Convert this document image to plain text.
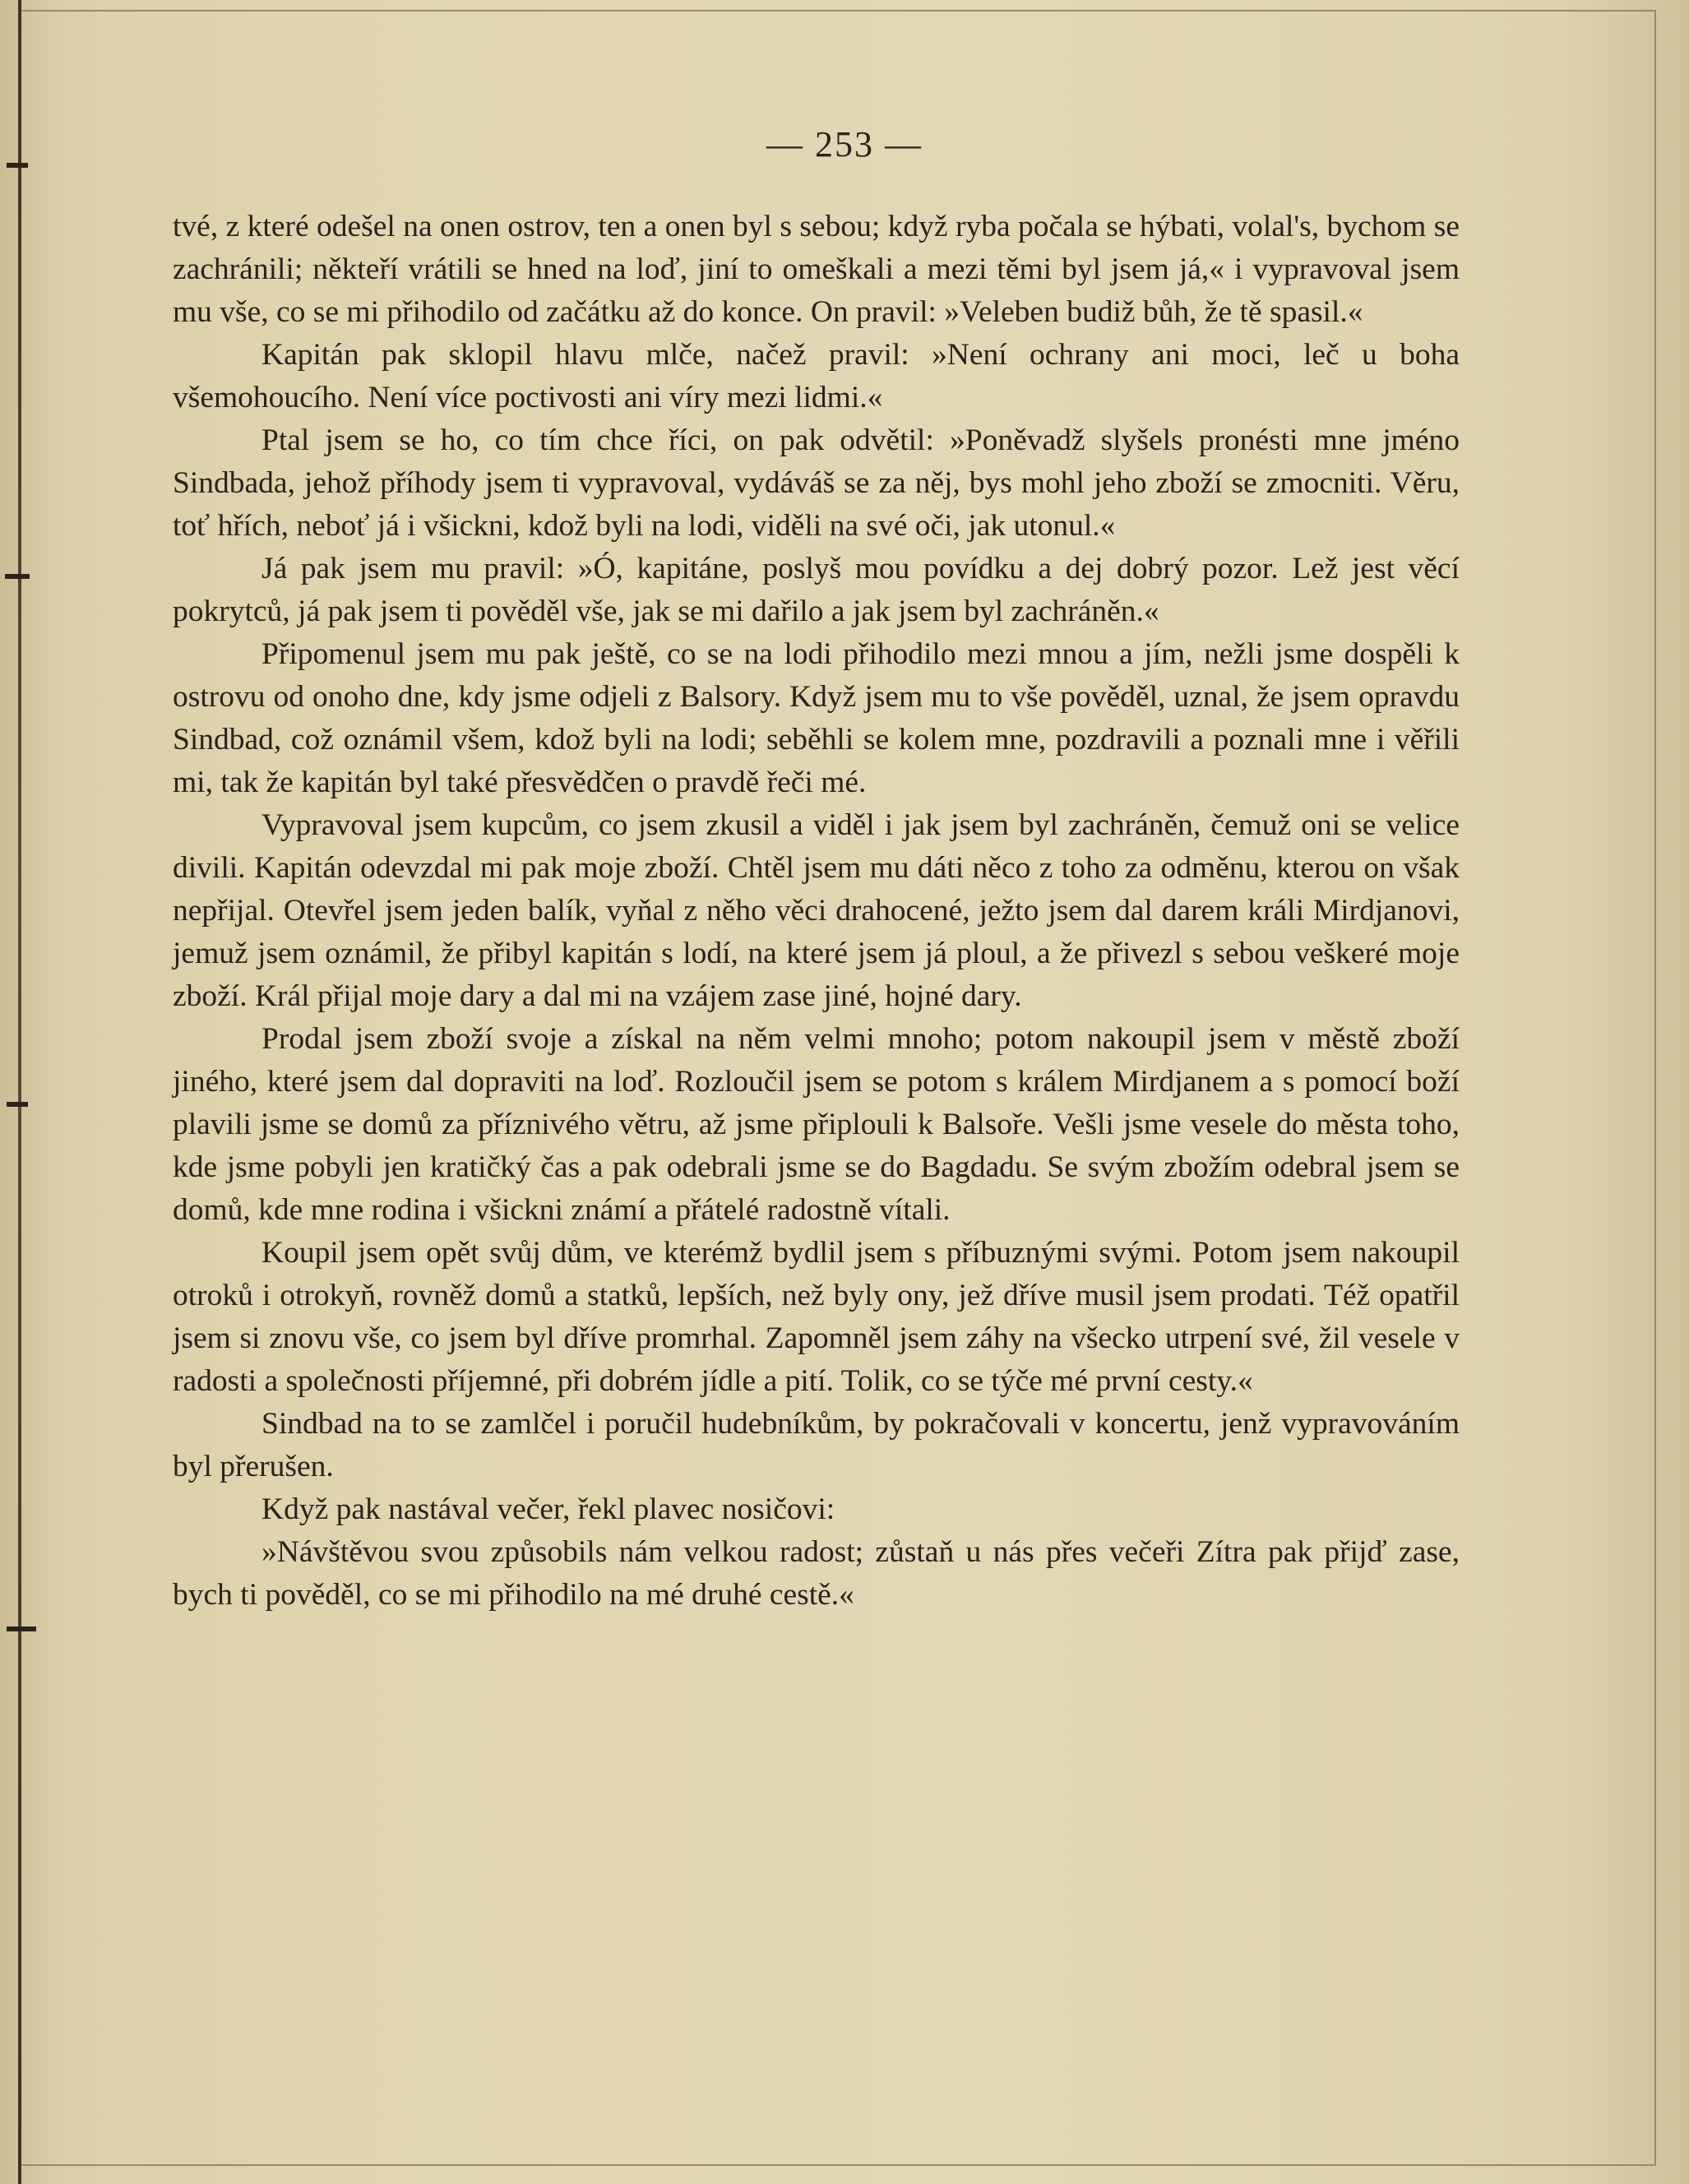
— 253 —

tvé, z které odešel na onen ostrov, ten a onen byl s sebou; když ryba počala se hýbati, volal's, bychom se zachránili; někteří vrátili se hned na loď, jiní to omeškali a mezi těmi byl jsem já,« i vypravoval jsem mu vše, co se mi přihodilo od začátku až do konce. On pravil: »Veleben budiž bůh, že tě spasil.«

Kapitán pak sklopil hlavu mlče, načež pravil: »Není ochrany ani moci, leč u boha všemohoucího. Není více poctivosti ani víry mezi lidmi.«

Ptal jsem se ho, co tím chce říci, on pak odvětil: »Poněvadž slyšels pronésti mne jméno Sindbada, jehož příhody jsem ti vypravoval, vydáváš se za něj, bys mohl jeho zboží se zmocniti. Věru, toť hřích, neboť já i všickni, kdož byli na lodi, viděli na své oči, jak utonul.«

Já pak jsem mu pravil: »Ó, kapitáne, poslyš mou povídku a dej dobrý pozor. Lež jest věcí pokrytců, já pak jsem ti pověděl vše, jak se mi dařilo a jak jsem byl zachráněn.«

Připomenul jsem mu pak ještě, co se na lodi přihodilo mezi mnou a jím, nežli jsme dospěli k ostrovu od onoho dne, kdy jsme odjeli z Balsory. Když jsem mu to vše pověděl, uznal, že jsem opravdu Sindbad, což oznámil všem, kdož byli na lodi; seběhli se kolem mne, pozdravili a poznali mne i věřili mi, tak že kapitán byl také přesvědčen o pravdě řeči mé.

Vypravoval jsem kupcům, co jsem zkusil a viděl i jak jsem byl zachráněn, čemuž oni se velice divili. Kapitán odevzdal mi pak moje zboží. Chtěl jsem mu dáti něco z toho za odměnu, kterou on však nepřijal. Otevřel jsem jeden balík, vyňal z něho věci drahocené, ježto jsem dal darem králi Mirdjanovi, jemuž jsem oznámil, že přibyl kapitán s lodí, na které jsem já ploul, a že přivezl s sebou veškeré moje zboží. Král přijal moje dary a dal mi na vzájem zase jiné, hojné dary.

Prodal jsem zboží svoje a získal na něm velmi mnoho; potom nakoupil jsem v městě zboží jiného, které jsem dal dopraviti na loď. Rozloučil jsem se potom s králem Mirdjanem a s pomocí boží plavili jsme se domů za příznivého větru, až jsme připlouli k Balsoře. Vešli jsme vesele do města toho, kde jsme pobyli jen kratičký čas a pak odebrali jsme se do Bagdadu. Se svým zbožím odebral jsem se domů, kde mne rodina i všickni známí a přátelé radostně vítali.

Koupil jsem opět svůj dům, ve kterémž bydlil jsem s příbuznými svými. Potom jsem nakoupil otroků i otrokyň, rovněž domů a statků, lepších, než byly ony, jež dříve musil jsem prodati. Též opatřil jsem si znovu vše, co jsem byl dříve promrhal. Zapomněl jsem záhy na všecko utrpení své, žil vesele v radosti a společnosti příjemné, při dobrém jídle a pití. Tolik, co se týče mé první cesty.«

Sindbad na to se zamlčel i poručil hudebníkům, by pokračovali v koncertu, jenž vypravováním byl přerušen.

Když pak nastával večer, řekl plavec nosičovi:

»Návštěvou svou způsobils nám velkou radost; zůstaň u nás přes večeři Zítra pak přijď zase, bych ti pověděl, co se mi přihodilo na mé druhé cestě.«
